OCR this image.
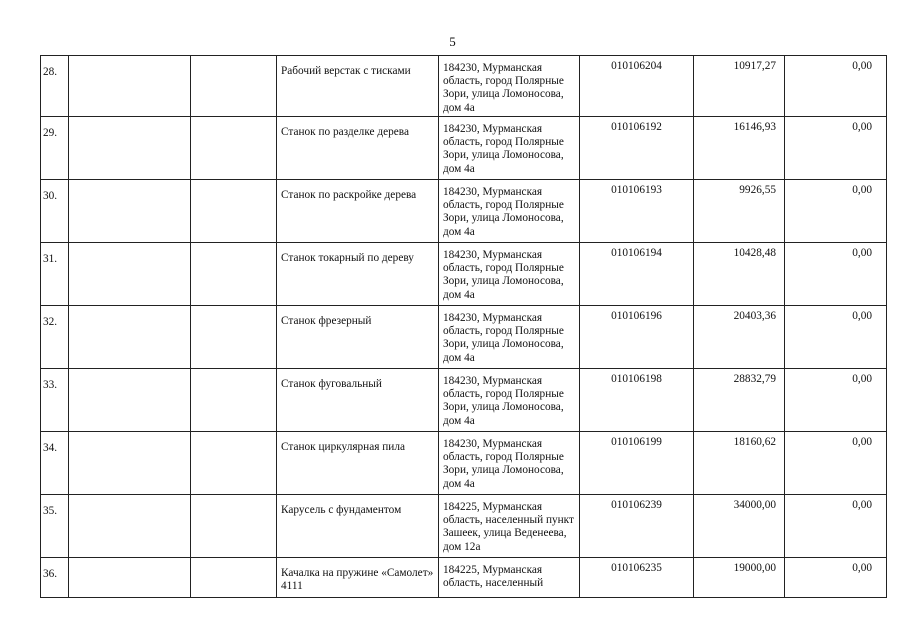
5
28.			Рабочий верстак с тисками	184230, Мурманская область, город Полярные Зори, улица Ломоносова, дом 4а	010106204	10917,27	0,00
29.			Станок по разделке дерева	184230, Мурманская область, город Полярные Зори, улица Ломоносова, дом 4а	010106192	16146,93	0,00
30.			Станок по раскройке дерева	184230, Мурманская область, город Полярные Зори, улица Ломоносова, дом 4а	010106193	9926,55	0,00
31.			Станок токарный по дереву	184230, Мурманская область, город Полярные Зори, улица Ломоносова, дом 4а	010106194	10428,48	0,00
32.			Станок фрезерный	184230, Мурманская область, город Полярные Зори, улица Ломоносова, дом 4а	010106196	20403,36	0,00
33.			Станок фуговальный	184230, Мурманская область, город Полярные Зори, улица Ломоносова, дом 4а	010106198	28832,79	0,00
34.			Станок циркулярная пила	184230, Мурманская область, город Полярные Зори, улица Ломоносова, дом 4а	010106199	18160,62	0,00
35.			Карусель с фундаментом	184225, Мурманская область, населенный пункт Зашеек, улица Веденеева, дом 12а	010106239	34000,00	0,00
36.			Качалка на пружине «Самолет» 4111	184225, Мурманская область, населенный	010106235	19000,00	0,00
